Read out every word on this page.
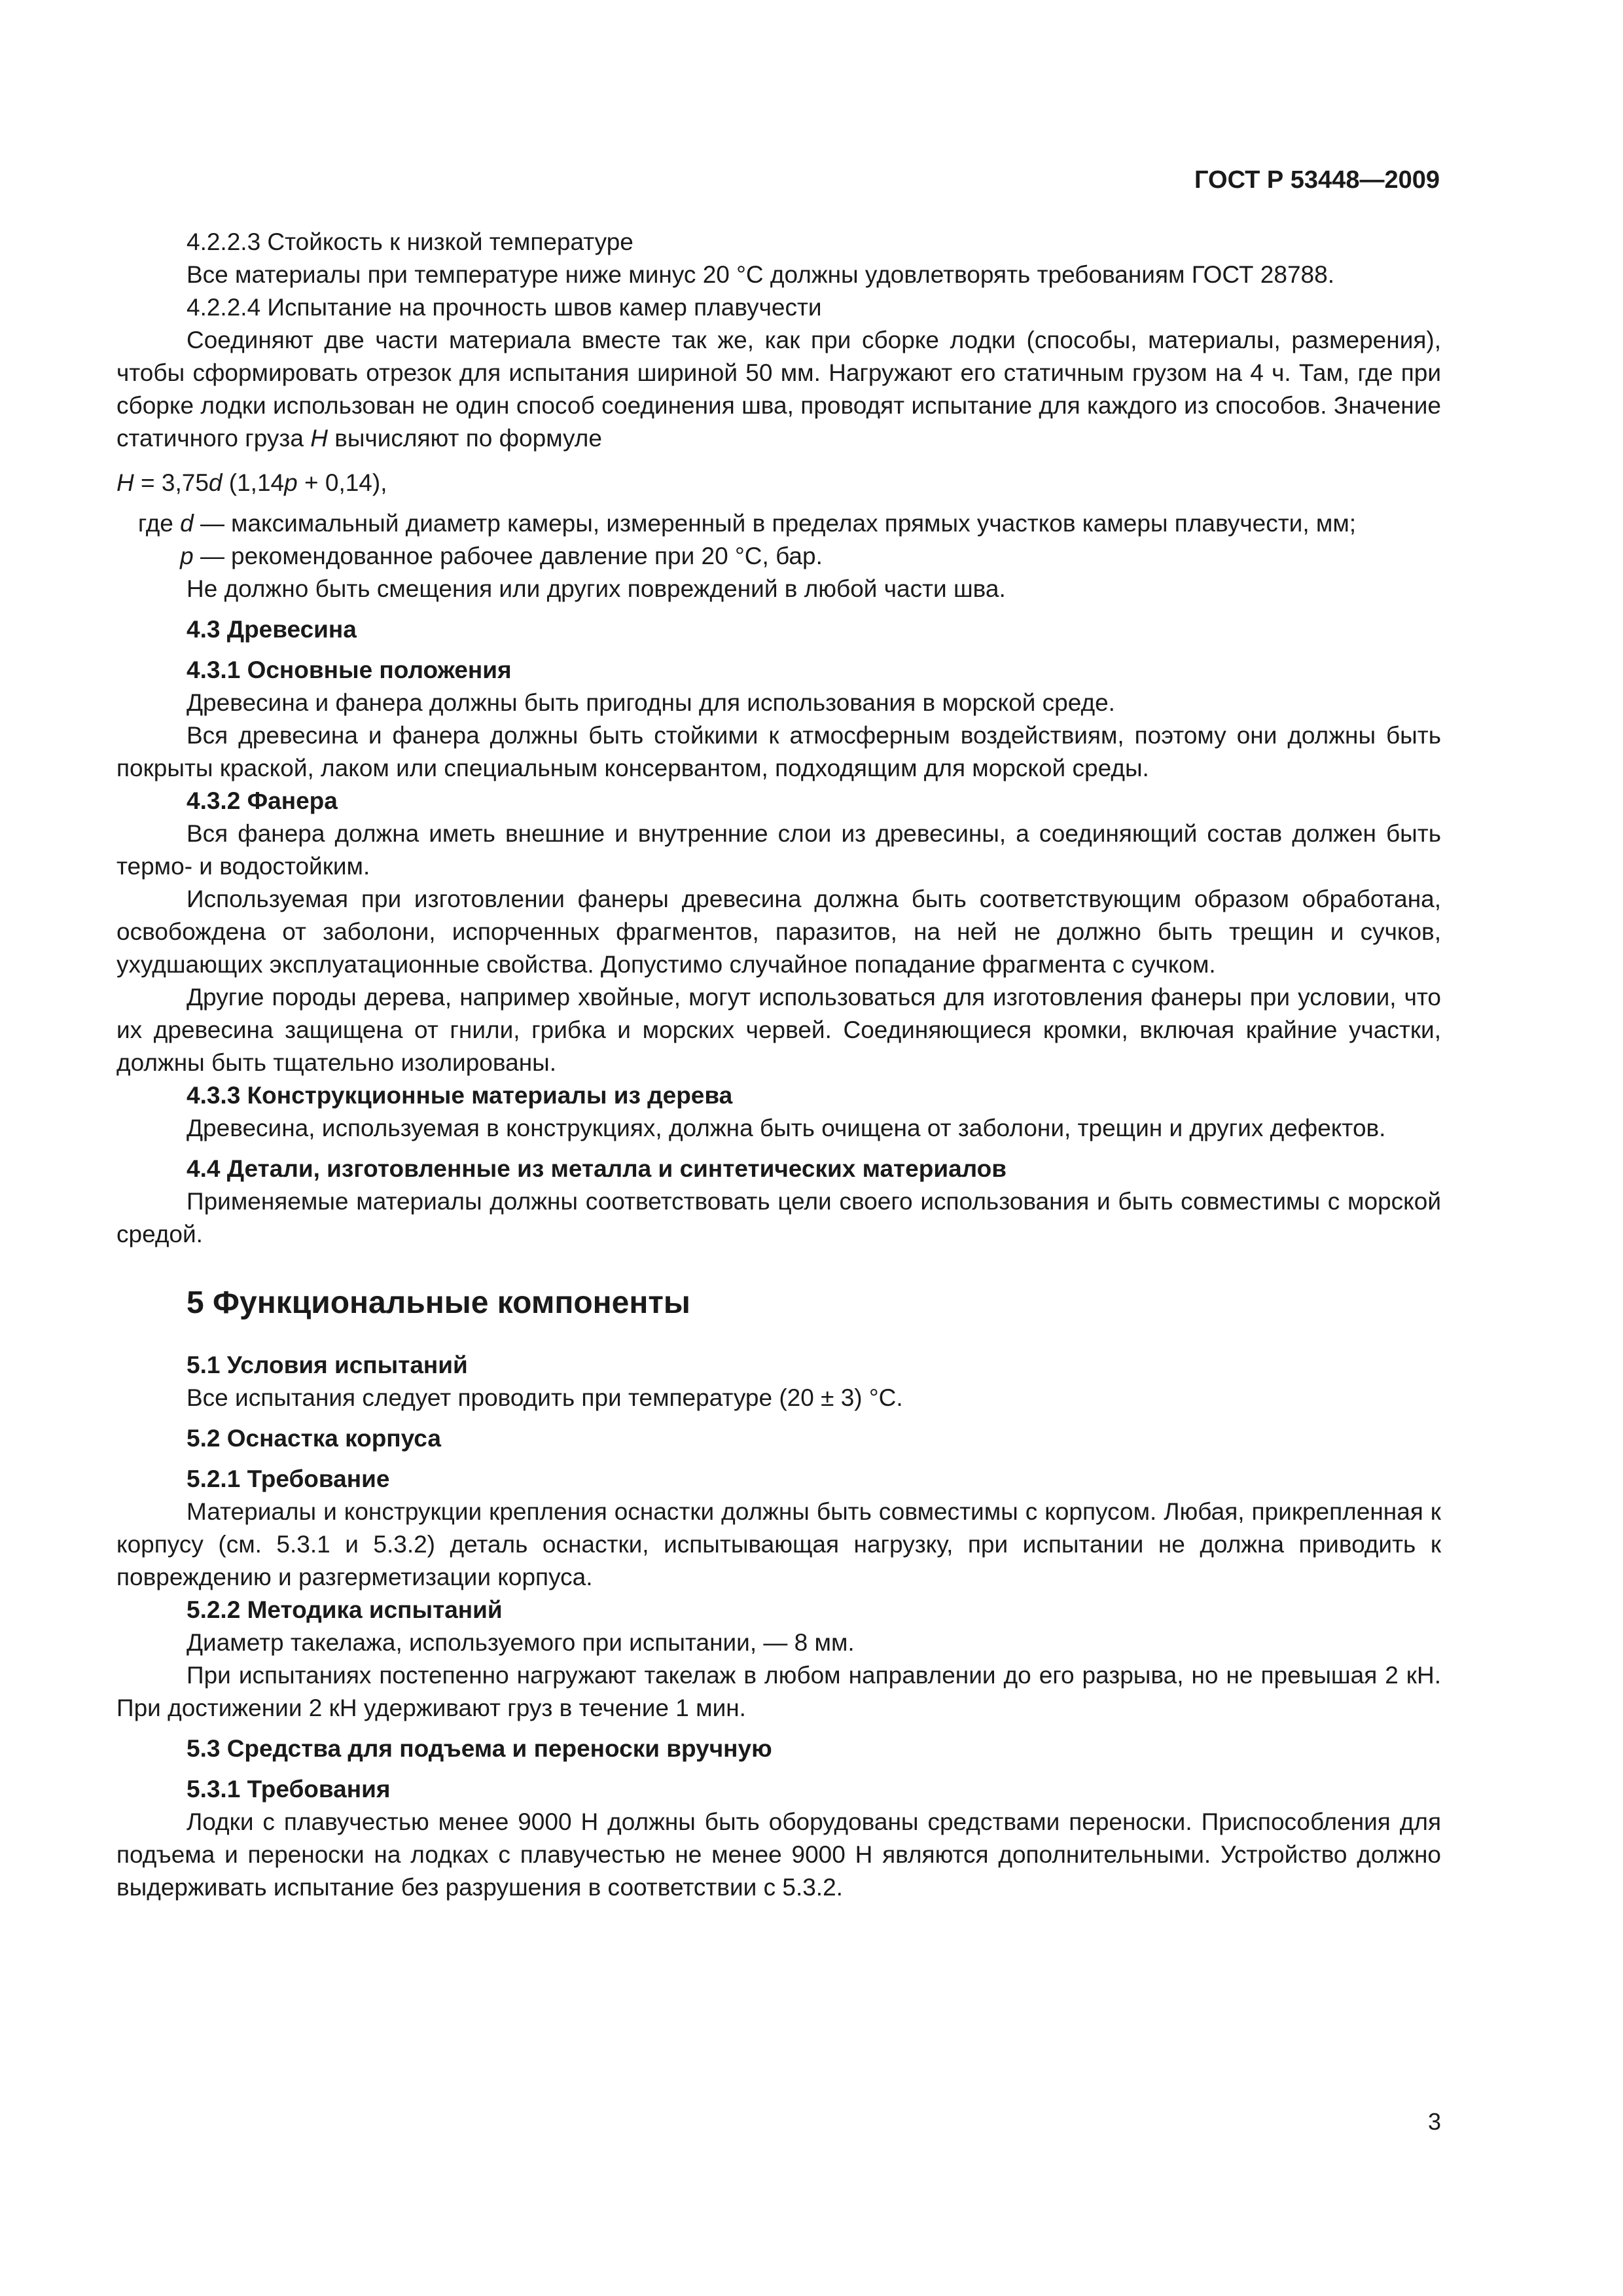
ГОСТ Р 53448—2009

4.2.2.3 Стойкость к низкой температуре

Все материалы при температуре ниже минус 20 °С должны удовлетворять требованиям ГОСТ 28788.

4.2.2.4 Испытание на прочность швов камер плавучести

Соединяют две части материала вместе так же, как при сборке лодки (способы, материалы, размерения), чтобы сформировать отрезок для испытания шириной 50 мм. Нагружают его статичным грузом на 4 ч. Там, где при сборке лодки использован не один способ соединения шва, проводят испытание для каждого из способов. Значение статичного груза Н вычисляют по формуле

Н = 3,75d (1,14p + 0,14),

где d — максимальный диаметр камеры, измеренный в пределах прямых участков камеры плавучести, мм;
p — рекомендованное рабочее давление при 20 °С, бар.

Не должно быть смещения или других повреждений в любой части шва.

4.3 Древесина

4.3.1 Основные положения

Древесина и фанера должны быть пригодны для использования в морской среде.

Вся древесина и фанера должны быть стойкими к атмосферным воздействиям, поэтому они должны быть покрыты краской, лаком или специальным консервантом, подходящим для морской среды.

4.3.2 Фанера

Вся фанера должна иметь внешние и внутренние слои из древесины, а соединяющий состав должен быть термо- и водостойким.

Используемая при изготовлении фанеры древесина должна быть соответствующим образом обработана, освобождена от заболони, испорченных фрагментов, паразитов, на ней не должно быть трещин и сучков, ухудшающих эксплуатационные свойства. Допустимо случайное попадание фрагмента с сучком.

Другие породы дерева, например хвойные, могут использоваться для изготовления фанеры при условии, что их древесина защищена от гнили, грибка и морских червей. Соединяющиеся кромки, включая крайние участки, должны быть тщательно изолированы.

4.3.3 Конструкционные материалы из дерева

Древесина, используемая в конструкциях, должна быть очищена от заболони, трещин и других дефектов.

4.4 Детали, изготовленные из металла и синтетических материалов

Применяемые материалы должны соответствовать цели своего использования и быть совместимы с морской средой.

5 Функциональные компоненты

5.1 Условия испытаний

Все испытания следует проводить при температуре (20 ± 3) °С.

5.2 Оснастка корпуса

5.2.1 Требование

Материалы и конструкции крепления оснастки должны быть совместимы с корпусом. Любая, прикрепленная к корпусу (см. 5.3.1 и 5.3.2) деталь оснастки, испытывающая нагрузку, при испытании не должна приводить к повреждению и разгерметизации корпуса.

5.2.2 Методика испытаний

Диаметр такелажа, используемого при испытании, — 8 мм.

При испытаниях постепенно нагружают такелаж в любом направлении до его разрыва, но не превышая 2 кН. При достижении 2 кН удерживают груз в течение 1 мин.

5.3 Средства для подъема и переноски вручную

5.3.1 Требования

Лодки с плавучестью менее 9000 Н должны быть оборудованы средствами переноски. Приспособления для подъема и переноски на лодках с плавучестью не менее 9000 Н являются дополнительными. Устройство должно выдерживать испытание без разрушения в соответствии с 5.3.2.

3
